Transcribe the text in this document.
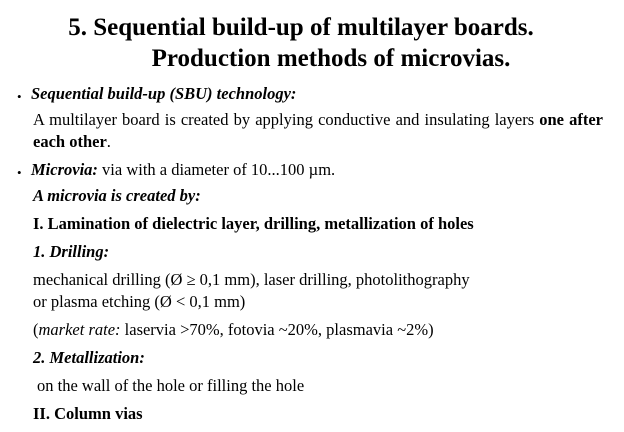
5. Sequential build-up of multilayer boards.
Production methods of microvias.
• Sequential build-up (SBU) technology:
A multilayer board is created by applying conductive and insulating layers one after each other.
• Microvia: via with a diameter of 10...100 µm.
A microvia is created by:
I. Lamination of dielectric layer, drilling, metallization of holes
1. Drilling:
mechanical drilling (Ø ≥ 0,1 mm), laser drilling, photolithography
or plasma etching (Ø < 0,1 mm)
(market rate: laservia >70%, fotovia ~20%, plasmavia ~2%)
2. Metallization:
on the wall of the hole or filling the hole
II. Column vias
